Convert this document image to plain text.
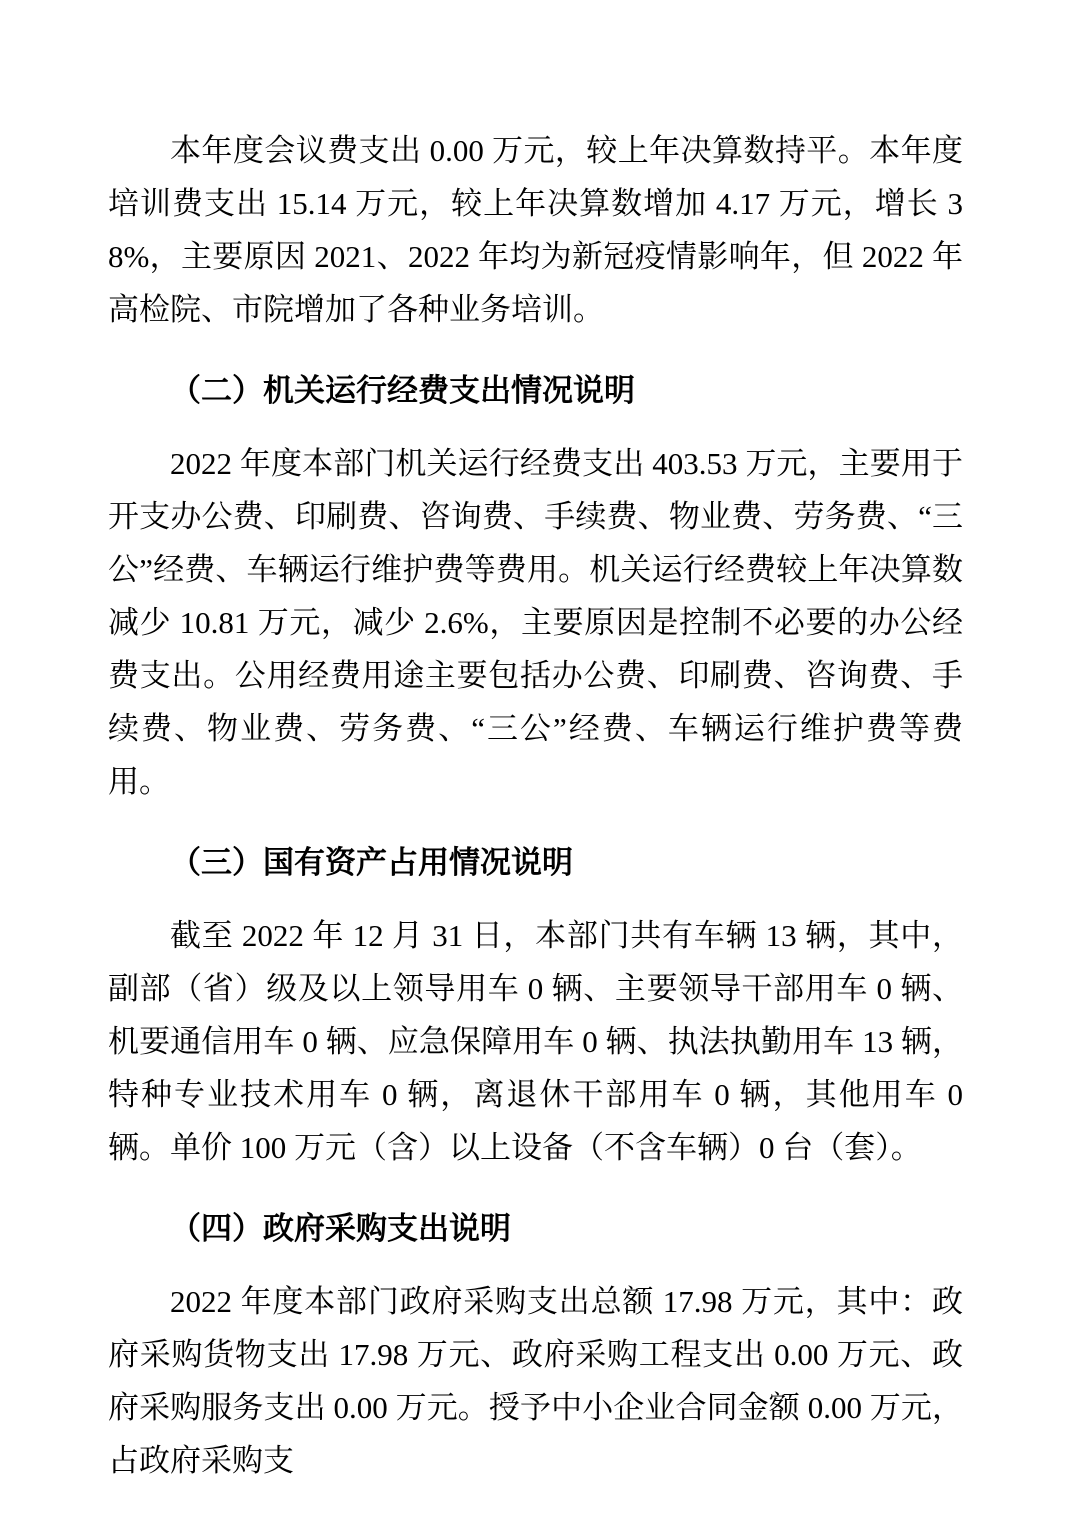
本年度会议费支出 0.00 万元，较上年决算数持平。本年度培训费支出 15.14 万元，较上年决算数增加 4.17 万元，增长 38%，主要原因 2021、2022 年均为新冠疫情影响年，但 2022 年高检院、市院增加了各种业务培训。

（二）机关运行经费支出情况说明

2022 年度本部门机关运行经费支出 403.53 万元，主要用于开支办公费、印刷费、咨询费、手续费、物业费、劳务费、“三公”经费、车辆运行维护费等费用。机关运行经费较上年决算数减少 10.81 万元，减少 2.6%，主要原因是控制不必要的办公经费支出。公用经费用途主要包括办公费、印刷费、咨询费、手续费、物业费、劳务费、“三公”经费、车辆运行维护费等费用。

（三）国有资产占用情况说明

截至 2022 年 12 月 31 日，本部门共有车辆 13 辆，其中，副部（省）级及以上领导用车 0 辆、主要领导干部用车 0 辆、机要通信用车 0 辆、应急保障用车 0 辆、执法执勤用车 13 辆，特种专业技术用车 0 辆，离退休干部用车 0 辆，其他用车 0 辆。单价 100 万元（含）以上设备（不含车辆）0 台（套）。

（四）政府采购支出说明

2022 年度本部门政府采购支出总额 17.98 万元，其中：政府采购货物支出 17.98 万元、政府采购工程支出 0.00 万元、政府采购服务支出 0.00 万元。授予中小企业合同金额 0.00 万元，占政府采购支
